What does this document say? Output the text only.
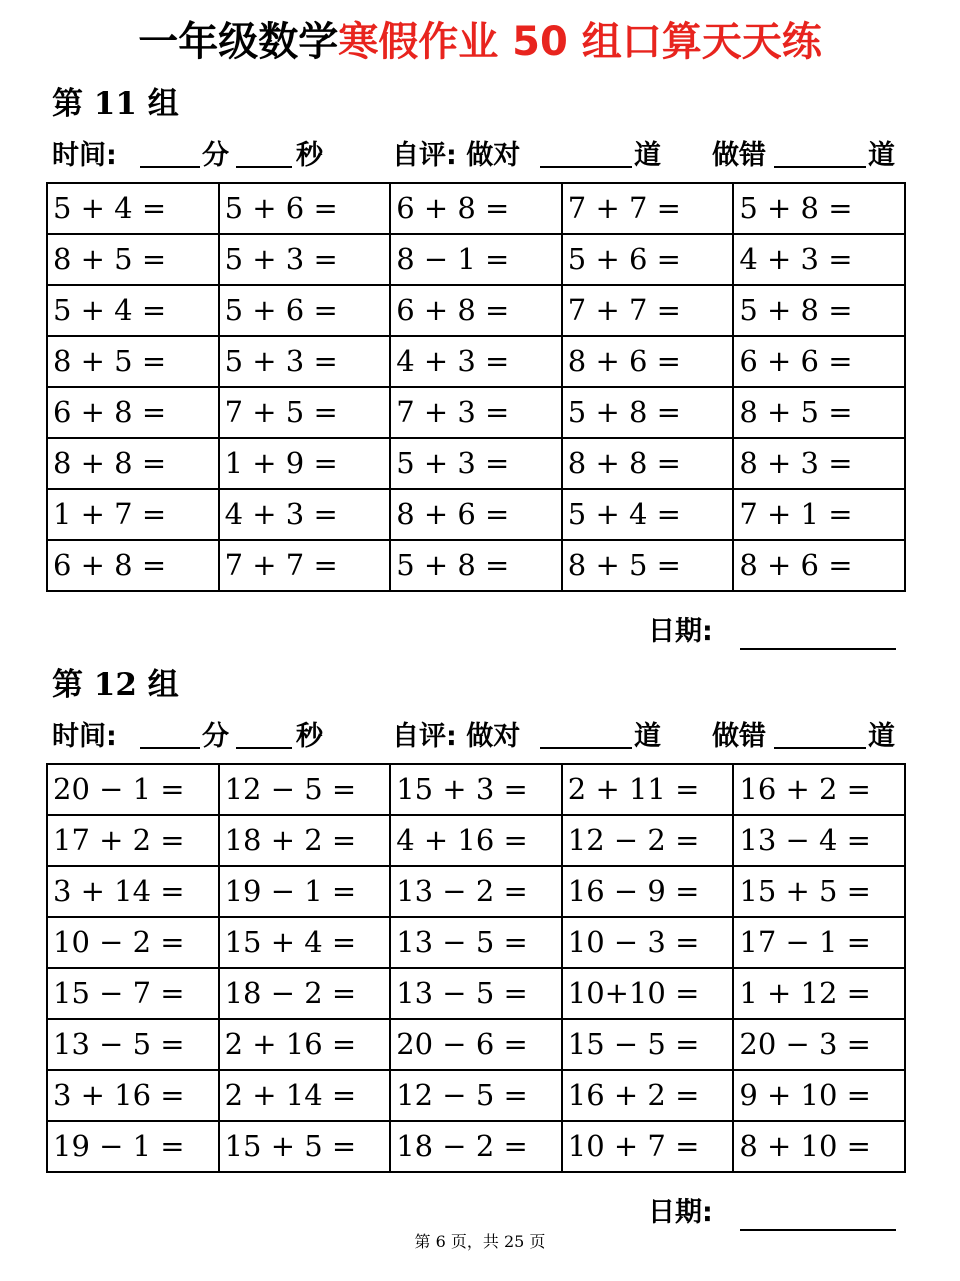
一年级数学寒假作业 50 组口算天天练
第 11 组
时间:	分 秒	自评: 做对	道 做错	道
5 + 4 =	5 + 6 =	6 + 8 =	7 + 7 =	5 + 8 =
8 + 5 =	5 + 3 =	8 − 1 =	5 + 6 =	4 + 3 =
5 + 4 =	5 + 6 =	6 + 8 =	7 + 7 =	5 + 8 =
8 + 5 =	5 + 3 =	4 + 3 =	8 + 6 =	6 + 6 =
6 + 8 =	7 + 5 =	7 + 3 =	5 + 8 =	8 + 5 =
8 + 8 =	1 + 9 =	5 + 3 =	8 + 8 =	8 + 3 =
1 + 7 =	4 + 3 =	8 + 6 =	5 + 4 =	7 + 1 =
6 + 8 =	7 + 7 =	5 + 8 =	8 + 5 =	8 + 6 =
日期:
第 12 组
时间:	分 秒	自评: 做对	道 做错	道
20 − 1 =	12 − 5 =	15 + 3 =	2 + 11 =	16 + 2 =
17 + 2 =	18 + 2 =	4 + 16 =	12 − 2 =	13 − 4 =
3 + 14 =	19 − 1 =	13 − 2 =	16 − 9 =	15 + 5 =
10 − 2 =	15 + 4 =	13 − 5 =	10 − 3 =	17 − 1 =
15 − 7 =	18 − 2 =	13 − 5 =	10+10 =	1 + 12 =
13 − 5 =	2 + 16 =	20 − 6 =	15 − 5 =	20 − 3 =
3 + 16 =	2 + 14 =	12 − 5 =	16 + 2 =	9 + 10 =
19 − 1 =	15 + 5 =	18 − 2 =	10 + 7 =	8 + 10 =
日期:
第 6 页，共 25 页
